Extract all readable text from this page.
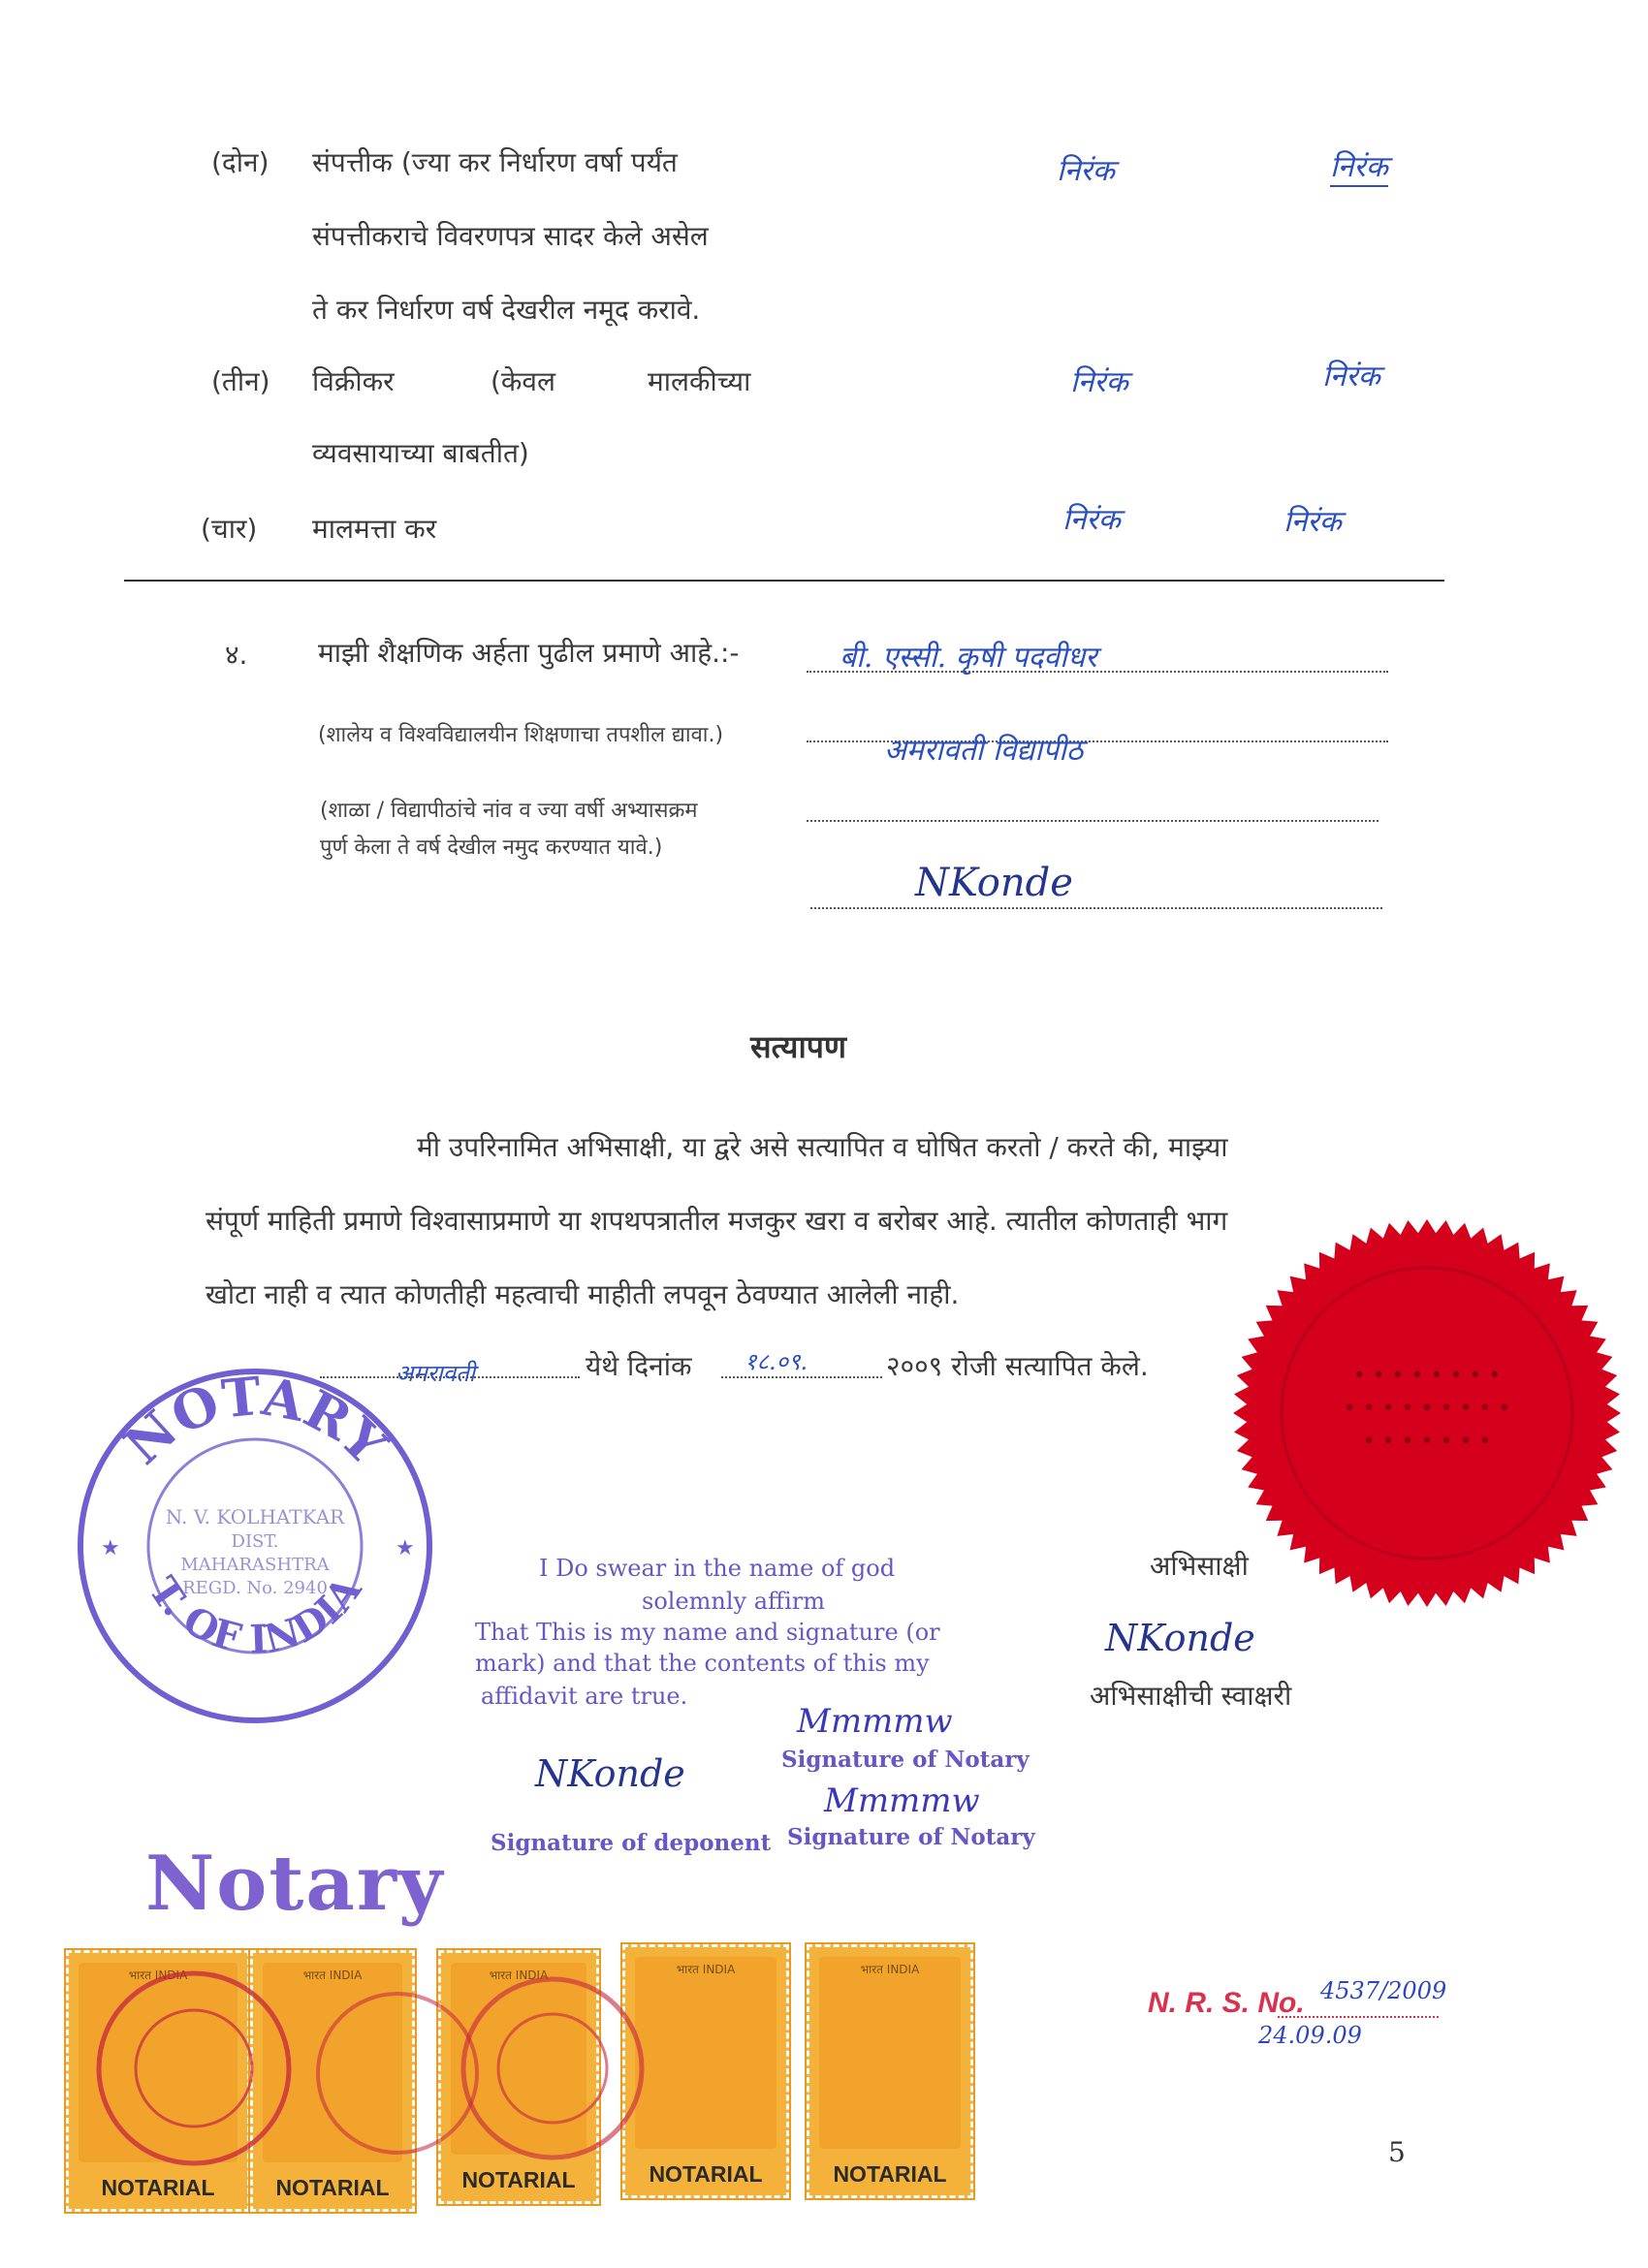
(दोन) संपत्तीक (ज्या कर निर्धारण वर्षा पर्यंत
संपत्तीकराचे विवरणपत्र सादर केले असेल
ते कर निर्धारण वर्ष देखरील नमूद करावे.
निरंक	निरंक
(तीन) विक्रीकर	(केवल	मालकीच्या
व्यवसायाच्या बाबतीत)
निरंक	निरंक
(चार) मालमत्ता कर	निरंक	निरंक
४.	माझी शैक्षणिक अर्हता पुढील प्रमाणे आहे.:-	बी. एस्सी. कृषी पदवीधर
(शालेय व विश्वविद्यालयीन शिक्षणाचा तपशील द्यावा.)	अमरावती विद्यापीठ
(शाळा / विद्यापीठांचे नांव व ज्या वर्षी अभ्यासक्रम
पुर्ण केला ते वर्ष देखील नमुद करण्यात यावे.)
NKonde
सत्यापण
मी उपरिनामित अभिसाक्षी, या द्वरे असे सत्यापित व घोषित करतो / करते की, माझ्या
संपूर्ण माहिती प्रमाणे विश्वासाप्रमाणे या शपथपत्रातील मजकुर खरा व बरोबर आहे. त्यातील कोणताही भाग
खोटा नाही व त्यात कोणतीही महत्वाची माहीती लपवून ठेवण्यात आलेली नाही.
अमरावती	येथे दिनांक १८.०९.	२००९ रोजी सत्यापित केले.	• • • • • • • •
• • • • • • • • •
• • • • • • •
अभिसाक्षी
NKonde
अभिसाक्षीची स्वाक्षरी
NOTARY
T. OF INDIA
N. V. KOLHATKAR
DIST.
MAHARASHTRA
REGD. No. 2940
★	★
I Do swear in the name of god
solemnly affirm
That This is my name and signature (or
mark) and that the contents of this my
affidavit are true.
Mmmmw
Signature of Notary
NKonde
Mmmmw
Signature of deponent Signature of Notary
Notary
भारत INDIA
NOTARIAL
भारत INDIA
NOTARIAL
भारत INDIA
NOTARIAL
भारत INDIA
NOTARIAL
भारत INDIA
NOTARIAL
N. R. S. No. 4537/2009
24.09.09
5
